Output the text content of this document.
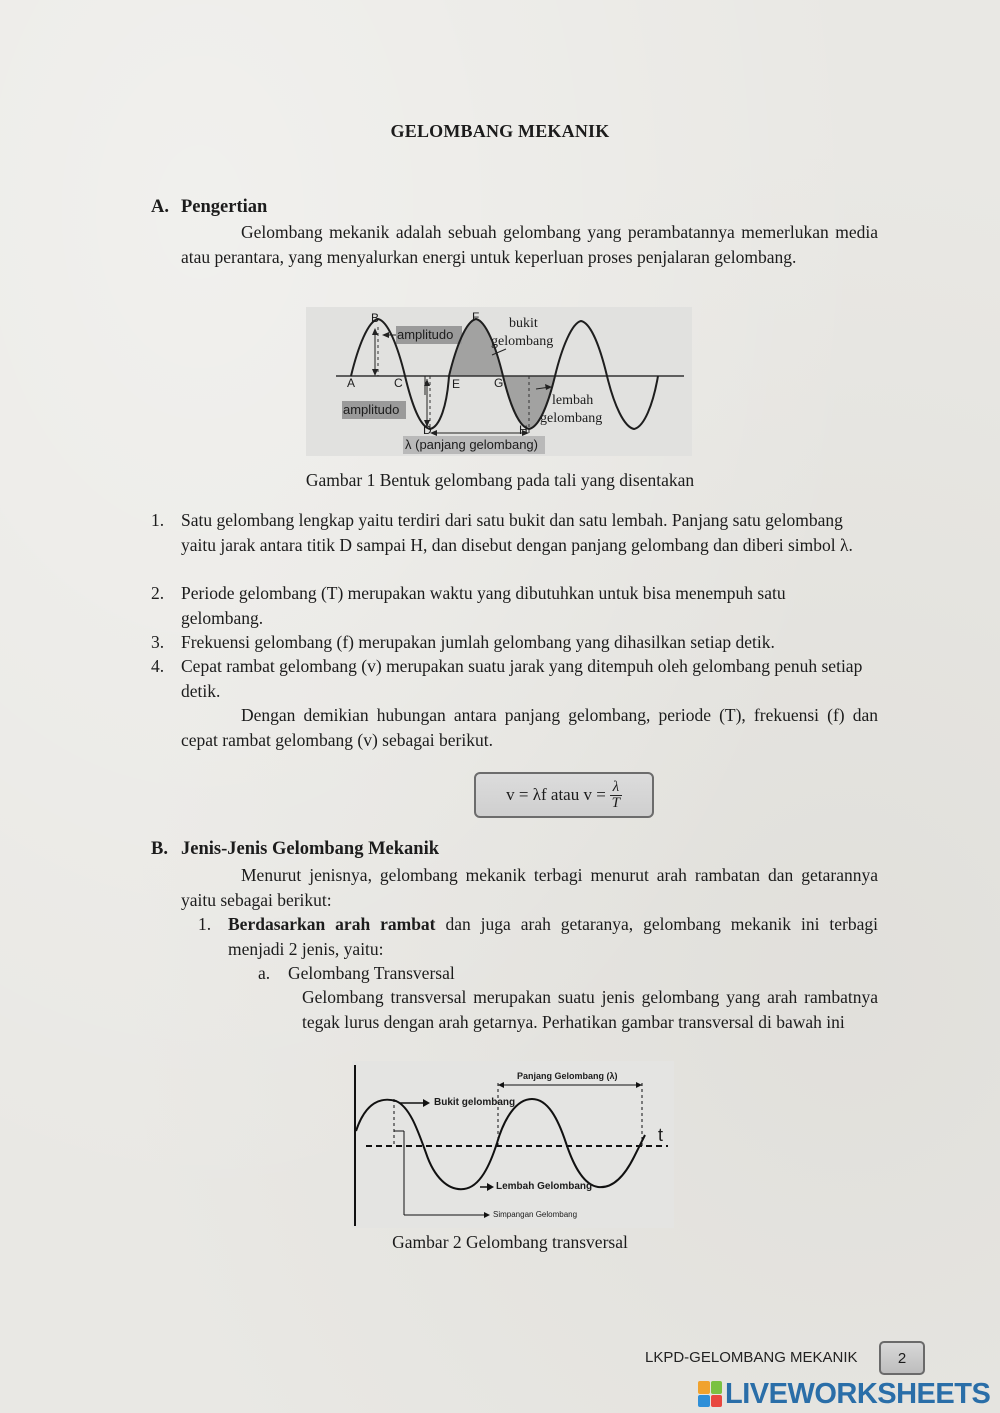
GELOMBANG MEKANIK
A. Pengertian
Gelombang mekanik adalah sebuah gelombang yang perambatannya memerlukan media atau perantara, yang menyalurkan energi untuk keperluan proses penjalaran gelombang.
B	F
A	C	E	G
D	H
amplitudo
amplitudo
bukit
gelombang
lembah
gelombang
λ (panjang gelombang)
Gambar 1 Bentuk gelombang pada tali yang disentakan
1. Satu gelombang lengkap yaitu terdiri dari satu bukit dan satu lembah. Panjang satu gelombang yaitu jarak antara titik D sampai H, dan disebut dengan panjang gelombang dan diberi simbol λ.
2. Periode gelombang (T) merupakan waktu yang dibutuhkan untuk bisa menempuh satu gelombang.
3. Frekuensi gelombang (f) merupakan jumlah gelombang yang dihasilkan setiap detik.
4. Cepat rambat gelombang (v) merupakan suatu jarak yang ditempuh oleh gelombang penuh setiap detik.
Dengan demikian hubungan antara panjang gelombang, periode (T), frekuensi (f) dan cepat rambat gelombang (v) sebagai berikut.
v = λf atau $v = \frac{\lambda}{T}$
B. Jenis-Jenis Gelombang Mekanik
Menurut jenisnya, gelombang mekanik terbagi menurut arah rambatan dan getarannya yaitu sebagai berikut:
1. Berdasarkan arah rambat dan juga arah getaranya, gelombang mekanik ini terbagi menjadi 2 jenis, yaitu:
a. Gelombang Transversal
Gelombang transversal merupakan suatu jenis gelombang yang arah rambatnya tegak lurus dengan arah getarnya. Perhatikan gambar transversal di bawah ini
Panjang Gelombang (λ)
Bukit gelombang
Lembah Gelombang
Simpangan Gelombang
t
Gambar 2 Gelombang transversal
LKPD-GELOMBANG MEKANIK	2
LIVEWORKSHEETS
